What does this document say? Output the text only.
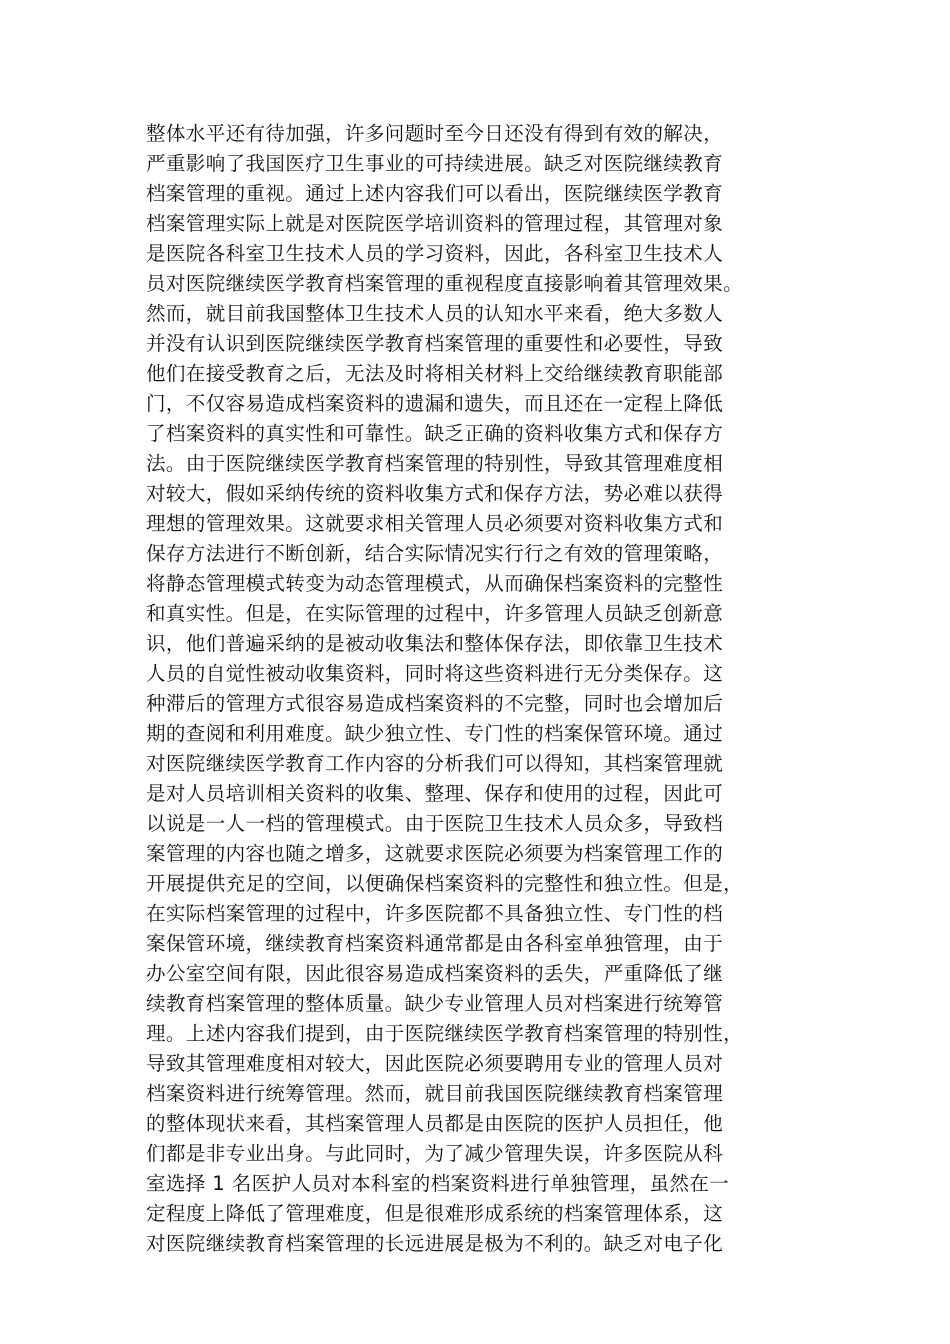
整体水平还有待加强，许多问题时至今日还没有得到有效的解决，
严重影响了我国医疗卫生事业的可持续进展。缺乏对医院继续教育
档案管理的重视。通过上述内容我们可以看出，医院继续医学教育
档案管理实际上就是对医院医学培训资料的管理过程，其管理对象
是医院各科室卫生技术人员的学习资料，因此，各科室卫生技术人
员对医院继续医学教育档案管理的重视程度直接影响着其管理效果。
然而，就目前我国整体卫生技术人员的认知水平来看，绝大多数人
并没有认识到医院继续医学教育档案管理的重要性和必要性，导致
他们在接受教育之后，无法及时将相关材料上交给继续教育职能部
门，不仅容易造成档案资料的遗漏和遗失，而且还在一定程上降低
了档案资料的真实性和可靠性。缺乏正确的资料收集方式和保存方
法。由于医院继续医学教育档案管理的特别性，导致其管理难度相
对较大，假如采纳传统的资料收集方式和保存方法，势必难以获得
理想的管理效果。这就要求相关管理人员必须要对资料收集方式和
保存方法进行不断创新，结合实际情况实行行之有效的管理策略，
将静态管理模式转变为动态管理模式，从而确保档案资料的完整性
和真实性。但是，在实际管理的过程中，许多管理人员缺乏创新意
识，他们普遍采纳的是被动收集法和整体保存法，即依靠卫生技术
人员的自觉性被动收集资料，同时将这些资料进行无分类保存。这
种滞后的管理方式很容易造成档案资料的不完整，同时也会增加后
期的查阅和利用难度。缺少独立性、专门性的档案保管环境。通过
对医院继续医学教育工作内容的分析我们可以得知，其档案管理就
是对人员培训相关资料的收集、整理、保存和使用的过程，因此可
以说是一人一档的管理模式。由于医院卫生技术人员众多，导致档
案管理的内容也随之增多，这就要求医院必须要为档案管理工作的
开展提供充足的空间，以便确保档案资料的完整性和独立性。但是，
在实际档案管理的过程中，许多医院都不具备独立性、专门性的档
案保管环境，继续教育档案资料通常都是由各科室单独管理，由于
办公室空间有限，因此很容易造成档案资料的丢失，严重降低了继
续教育档案管理的整体质量。缺少专业管理人员对档案进行统筹管
理。上述内容我们提到，由于医院继续医学教育档案管理的特别性，
导致其管理难度相对较大，因此医院必须要聘用专业的管理人员对
档案资料进行统筹管理。然而，就目前我国医院继续教育档案管理
的整体现状来看，其档案管理人员都是由医院的医护人员担任，他
们都是非专业出身。与此同时，为了减少管理失误，许多医院从科
室选择 1 名医护人员对本科室的档案资料进行单独管理，虽然在一
定程度上降低了管理难度，但是很难形成系统的档案管理体系，这
对医院继续教育档案管理的长远进展是极为不利的。缺乏对电子化
